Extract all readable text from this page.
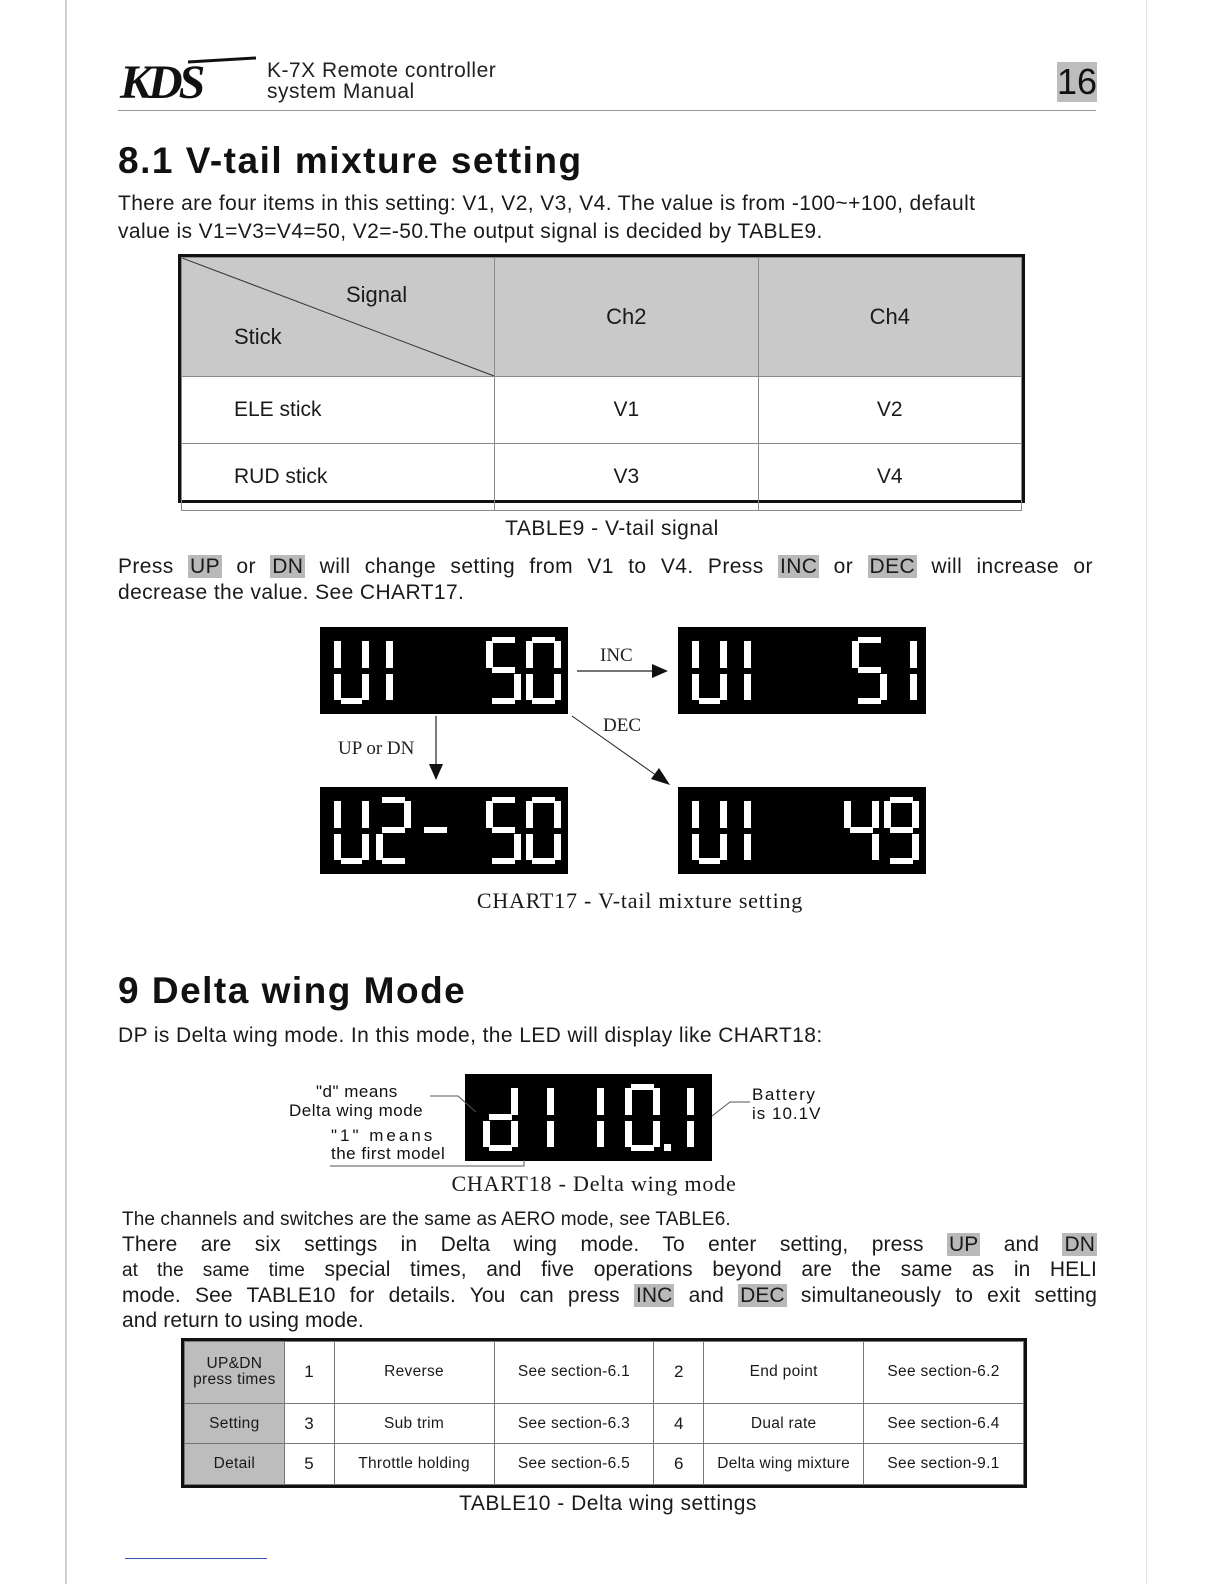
KDS	K-7X Remote controller
system Manual	16
8.1 V-tail mixture setting
There are four items in this setting: V1, V2, V3, V4. The value is from -100~+100, default
value is V1=V3=V4=50, V2=-50.The output signal is decided by TABLE9.
Signal
Stick	Ch2	Ch4
ELE stick	V1	V2
RUD stick	V3	V4
TABLE9 - V-tail signal
Press UP or DN will change setting from V1 to V4. Press INC or DEC will increase or
decrease the value. See CHART17.
INC
DEC
UP or DN
CHART17 - V-tail mixture setting
9 Delta wing Mode
DP is Delta wing mode. In this mode, the LED will display like CHART18:
"d" means
Delta wing mode
"1" means
the first model
Battery
is 10.1V
CHART18 - Delta wing mode
The channels and switches are the same as AERO mode, see TABLE6.
There are six settings in Delta wing mode. To enter setting, press UP and DN
at the same time special times, and five operations beyond are the same as in HELI
mode. See TABLE10 for details. You can press INC and DEC simultaneously to exit setting
and return to using mode.
UP&DN
press times	1	Reverse	See section-6.1	2	End point	See section-6.2
Setting	3	Sub trim	See section-6.3	4	Dual rate	See section-6.4
Detail	5	Throttle holding	See section-6.5	6	Delta wing mixture	See section-9.1
TABLE10 - Delta wing settings
